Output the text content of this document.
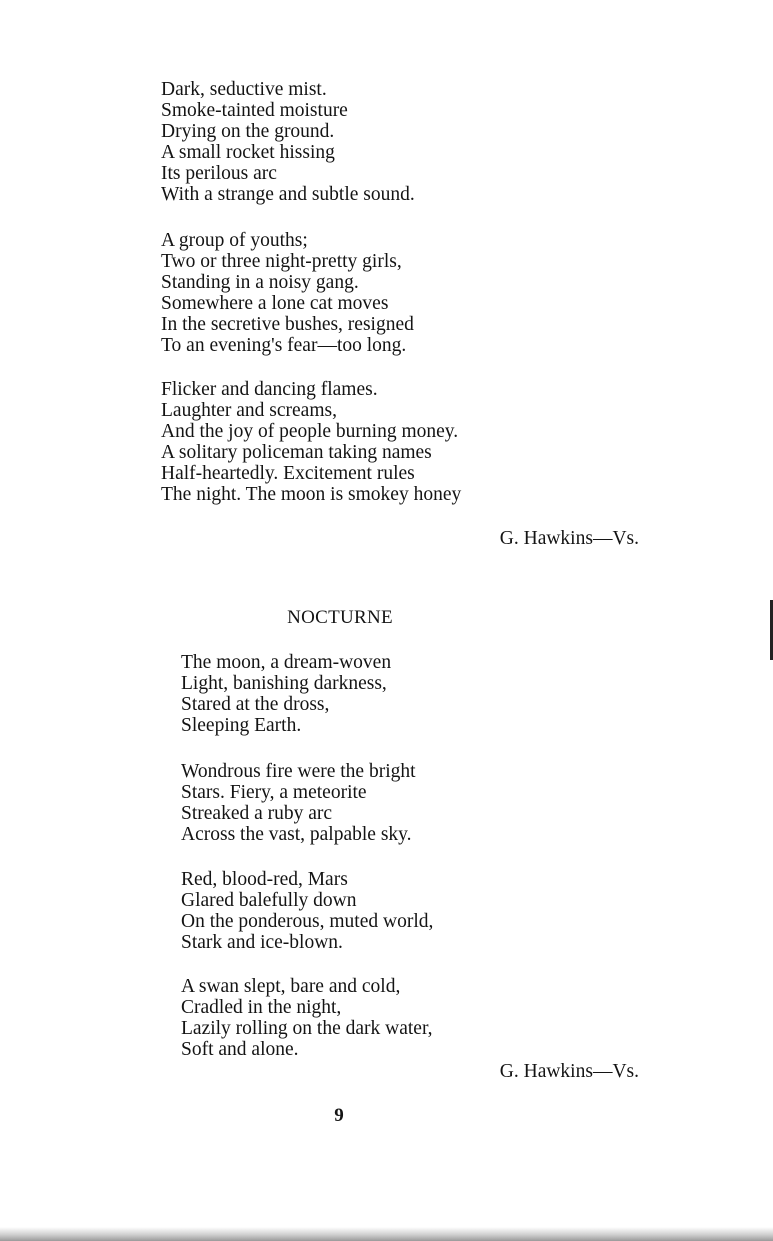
Dark, seductive mist.
Smoke-tainted moisture
Drying on the ground.
A small rocket hissing
Its perilous arc
With a strange and subtle sound.
A group of youths;
Two or three night-pretty girls,
Standing in a noisy gang.
Somewhere a lone cat moves
In the secretive bushes, resigned
To an evening's fear—too long.
Flicker and dancing flames.
Laughter and screams,
And the joy of people burning money.
A solitary policeman taking names
Half-heartedly. Excitement rules
The night. The moon is smokey honey
G. Hawkins—Vs.
NOCTURNE
The moon, a dream-woven
Light, banishing darkness,
Stared at the dross,
Sleeping Earth.
Wondrous fire were the bright
Stars. Fiery, a meteorite
Streaked a ruby arc
Across the vast, palpable sky.
Red, blood-red, Mars
Glared balefully down
On the ponderous, muted world,
Stark and ice-blown.
A swan slept, bare and cold,
Cradled in the night,
Lazily rolling on the dark water,
Soft and alone.
G. Hawkins—Vs.
9
